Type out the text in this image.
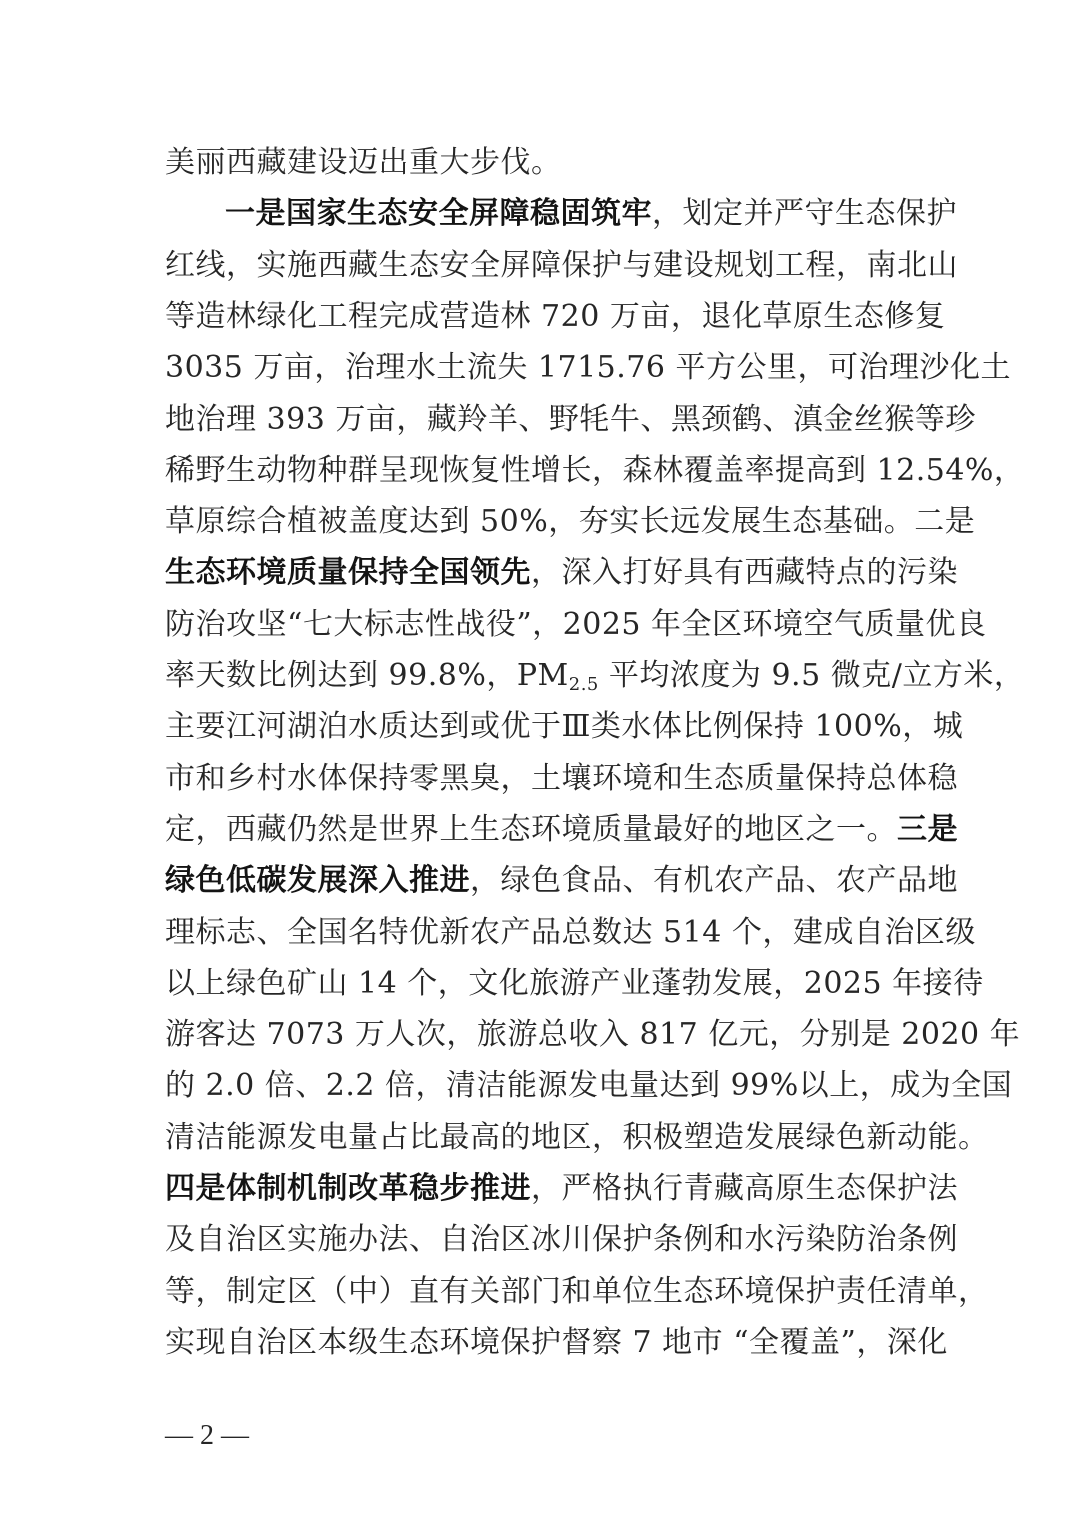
美丽西藏建设迈出重大步伐。
一是国家生态安全屏障稳固筑牢，划定并严守生态保护
红线，实施西藏生态安全屏障保护与建设规划工程，南北山
等造林绿化工程完成营造林 720 万亩，退化草原生态修复
3035 万亩，治理水土流失 1715.76 平方公里，可治理沙化土
地治理 393 万亩，藏羚羊、野牦牛、黑颈鹤、滇金丝猴等珍
稀野生动物种群呈现恢复性增长，森林覆盖率提高到 12.54%，
草原综合植被盖度达到 50%，夯实长远发展生态基础。二是
生态环境质量保持全国领先，深入打好具有西藏特点的污染
防治攻坚“七大标志性战役”，2025 年全区环境空气质量优良
率天数比例达到 99.8%，$PM_{2.5}$ 平均浓度为 9.5 微克/立方米，
主要江河湖泊水质达到或优于Ⅲ类水体比例保持 100%，城
市和乡村水体保持零黑臭，土壤环境和生态质量保持总体稳
定，西藏仍然是世界上生态环境质量最好的地区之一。三是
绿色低碳发展深入推进，绿色食品、有机农产品、农产品地
理标志、全国名特优新农产品总数达 514 个，建成自治区级
以上绿色矿山 14 个，文化旅游产业蓬勃发展，2025 年接待
游客达 7073 万人次，旅游总收入 817 亿元，分别是 2020 年
的 2.0 倍、2.2 倍，清洁能源发电量达到 99%以上，成为全国
清洁能源发电量占比最高的地区，积极塑造发展绿色新动能。
四是体制机制改革稳步推进，严格执行青藏高原生态保护法
及自治区实施办法、自治区冰川保护条例和水污染防治条例
等，制定区（中）直有关部门和单位生态环境保护责任清单，
实现自治区本级生态环境保护督察 7 地市 “全覆盖”，深化
— 2 —
